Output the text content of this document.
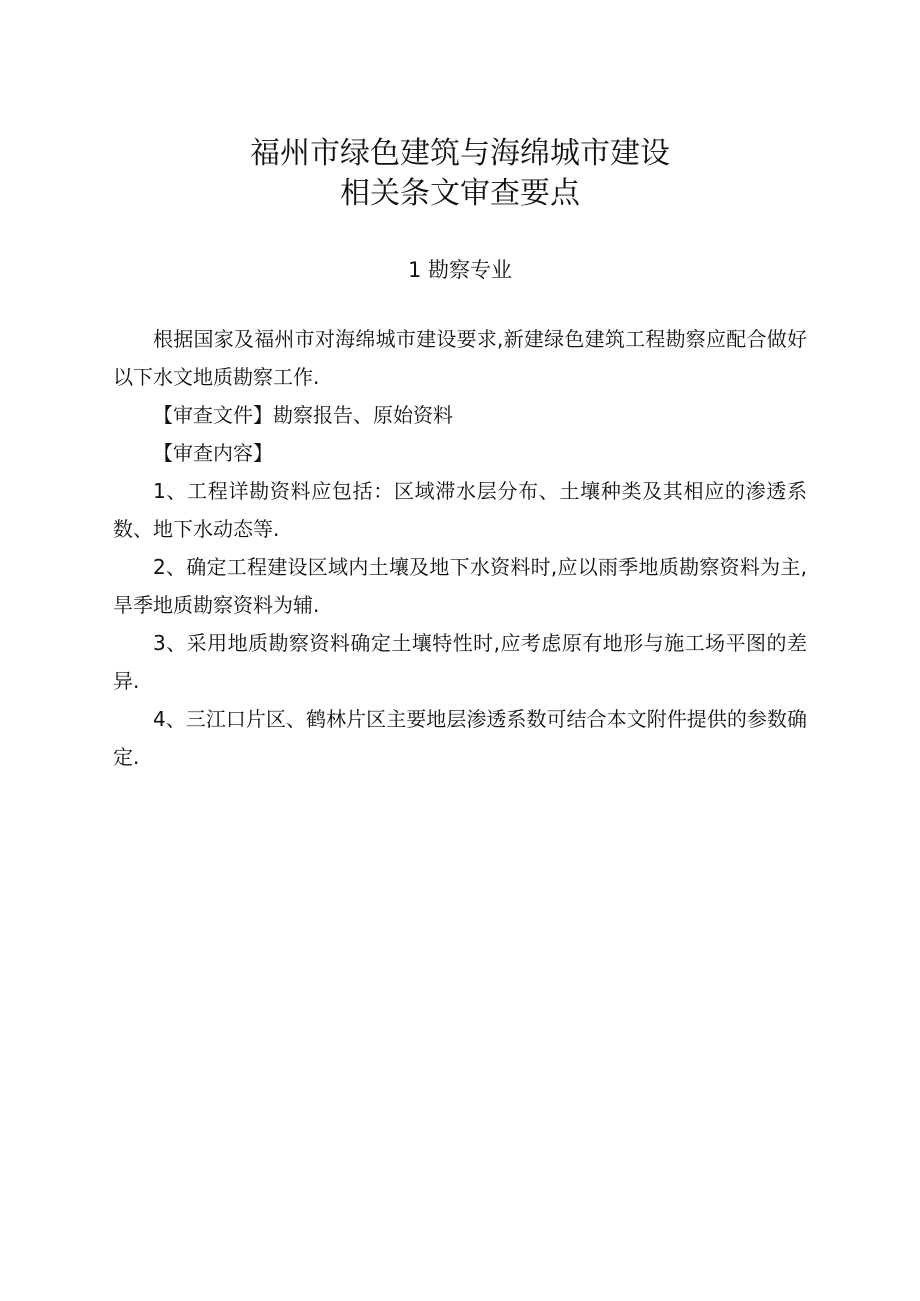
福州市绿色建筑与海绵城市建设
相关条文审查要点
1 勘察专业

根据国家及福州市对海绵城市建设要求,新建绿色建筑工程勘察应配合做好以下水文地质勘察工作.

【审查文件】勘察报告、原始资料

【审查内容】

1、工程详勘资料应包括：区域滞水层分布、土壤种类及其相应的渗透系数、地下水动态等.

2、确定工程建设区域内土壤及地下水资料时,应以雨季地质勘察资料为主,旱季地质勘察资料为辅.

3、采用地质勘察资料确定土壤特性时,应考虑原有地形与施工场平图的差异.

4、三江口片区、鹤林片区主要地层渗透系数可结合本文附件提供的参数确定.
